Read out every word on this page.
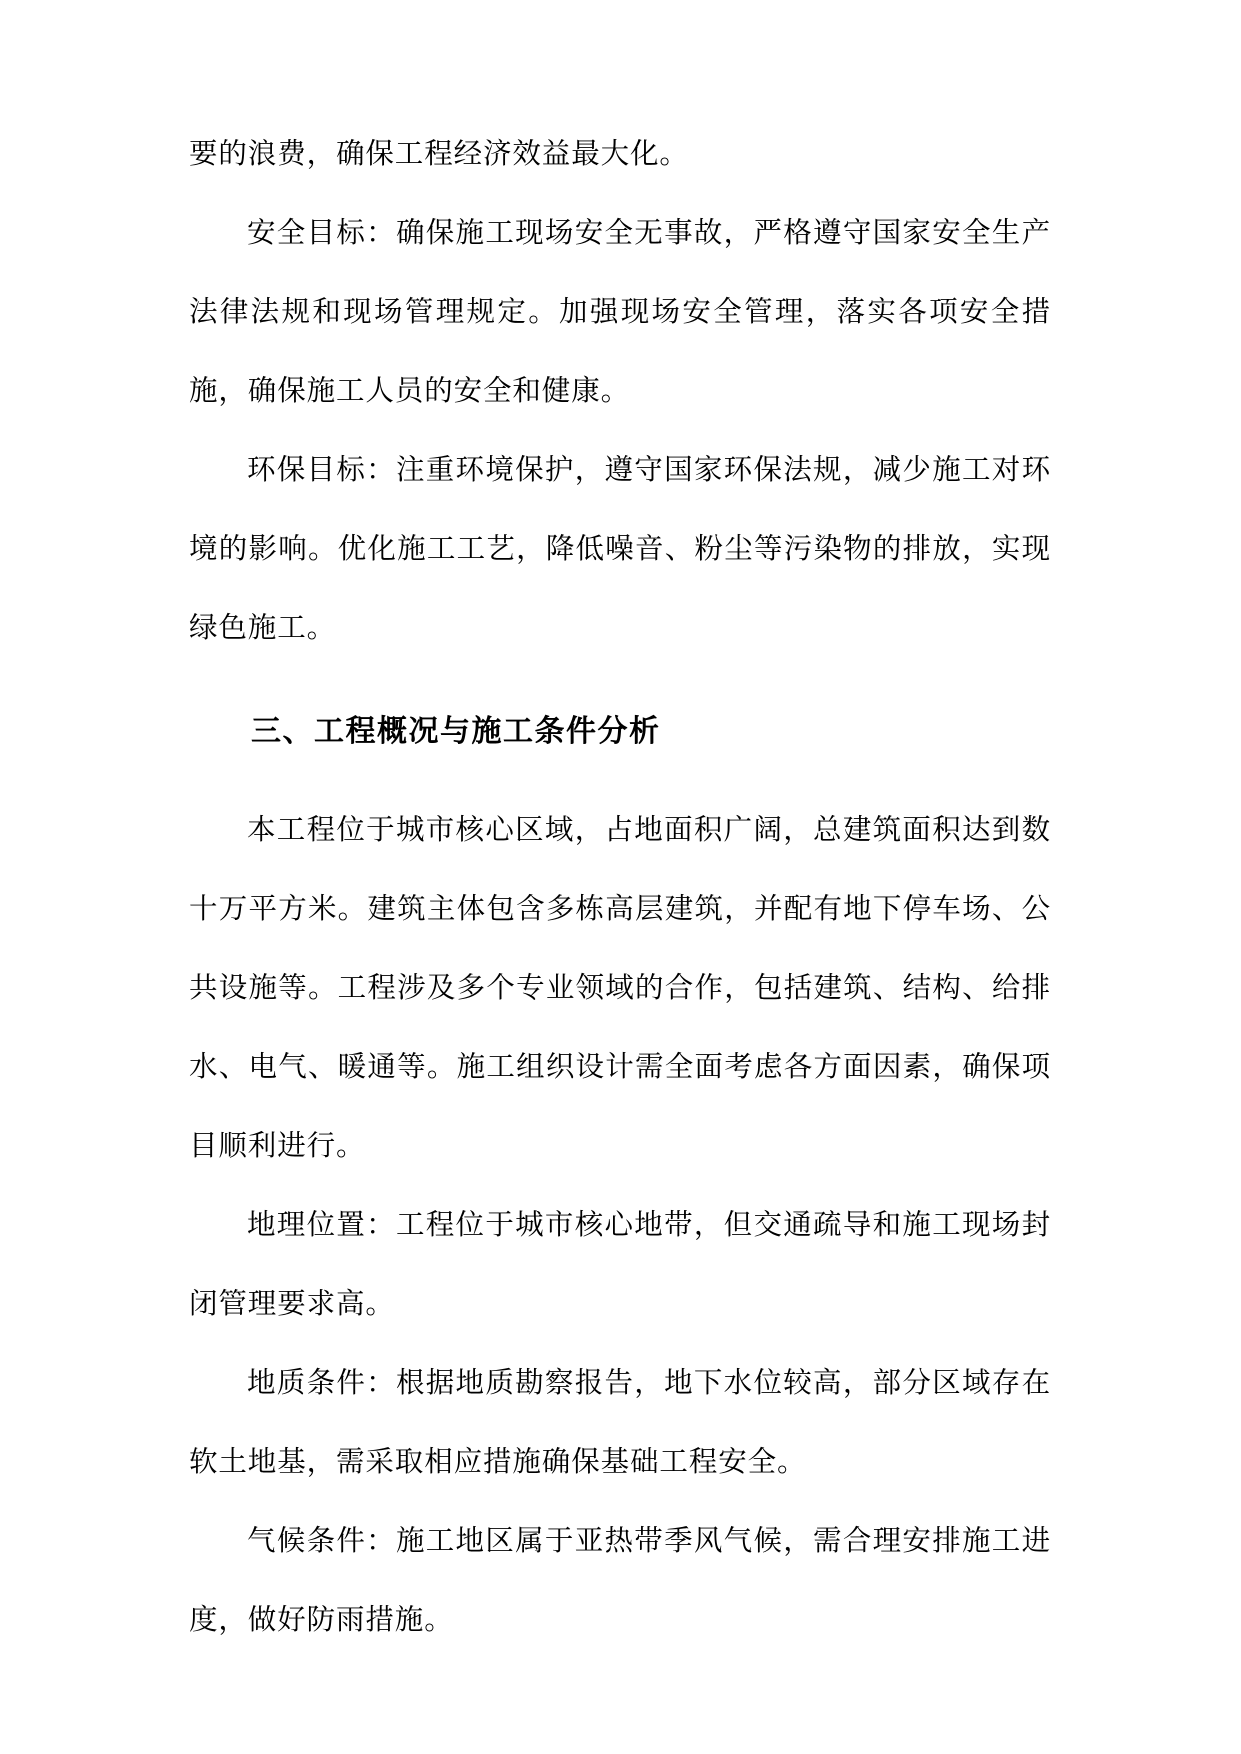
要的浪费，确保工程经济效益最大化。

安全目标：确保施工现场安全无事故，严格遵守国家安全生产法律法规和现场管理规定。加强现场安全管理，落实各项安全措施，确保施工人员的安全和健康。

环保目标：注重环境保护，遵守国家环保法规，减少施工对环境的影响。优化施工工艺，降低噪音、粉尘等污染物的排放，实现绿色施工。

三、工程概况与施工条件分析

本工程位于城市核心区域，占地面积广阔，总建筑面积达到数十万平方米。建筑主体包含多栋高层建筑，并配有地下停车场、公共设施等。工程涉及多个专业领域的合作，包括建筑、结构、给排水、电气、暖通等。施工组织设计需全面考虑各方面因素，确保项目顺利进行。

地理位置：工程位于城市核心地带，但交通疏导和施工现场封闭管理要求高。

地质条件：根据地质勘察报告，地下水位较高，部分区域存在软土地基，需采取相应措施确保基础工程安全。

气候条件：施工地区属于亚热带季风气候，需合理安排施工进度，做好防雨措施。
